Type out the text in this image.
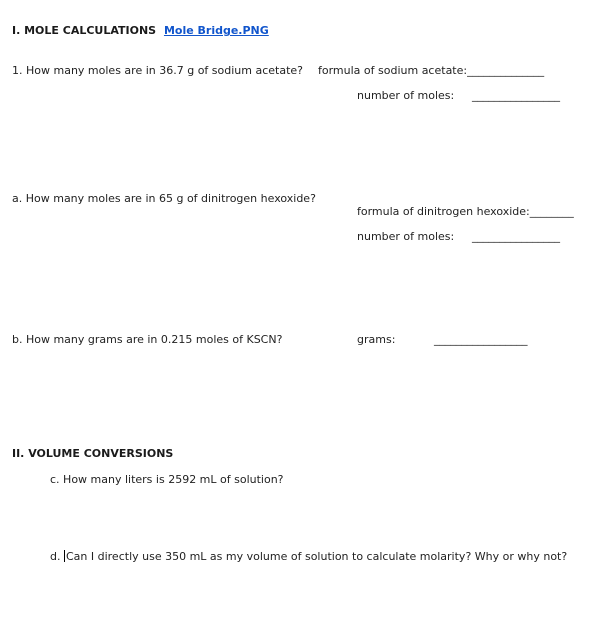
I. MOLE CALCULATIONS Mole Bridge.PNG
1. How many moles are in 36.7 g of sodium acetate? formula of sodium acetate:______________
number of moles: ________________
a. How many moles are in 65 g of dinitrogen hexoxide?
formula of dinitrogen hexoxide:________
number of moles: ________________
b. How many grams are in 0.215 moles of KSCN?	grams:	_________________
II. VOLUME CONVERSIONS
c. How many liters is 2592 mL of solution?
d. Can I directly use 350 mL as my volume of solution to calculate molarity? Why or why not?
